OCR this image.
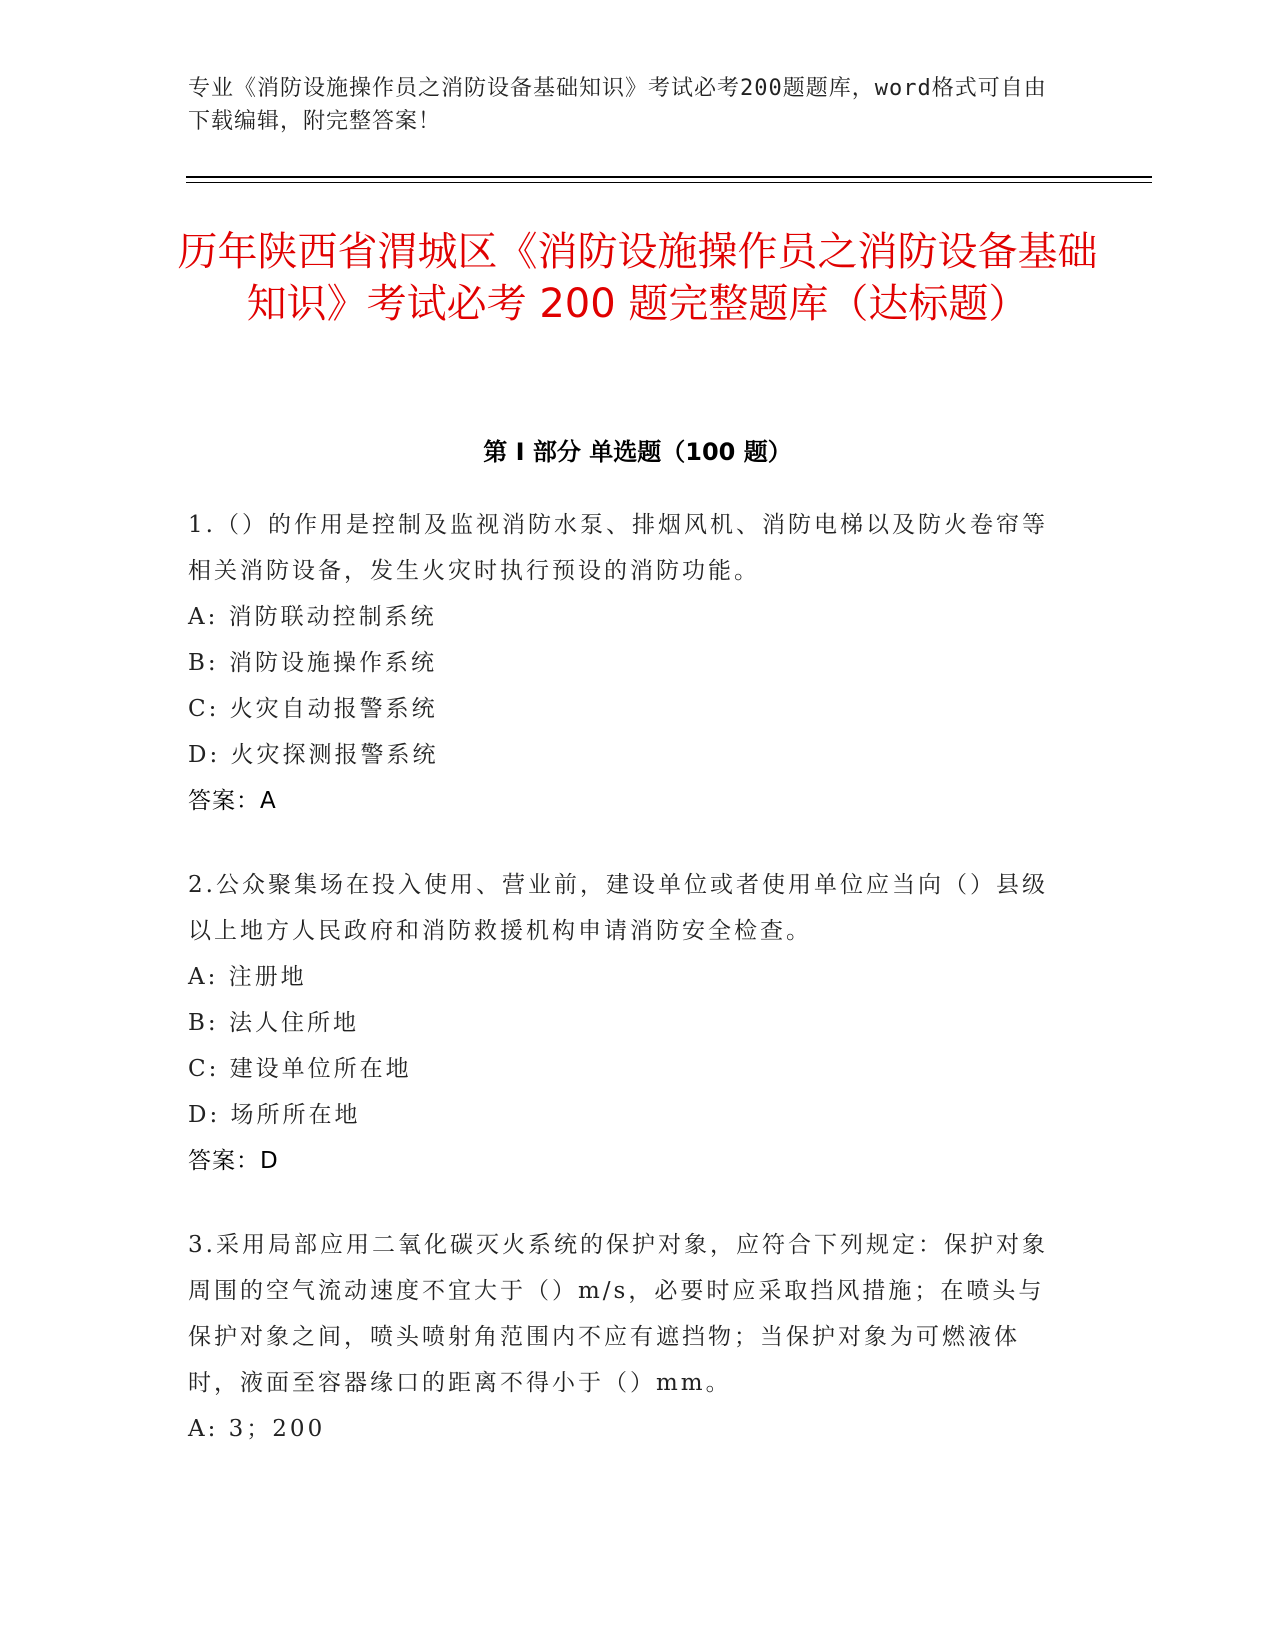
专业《消防设施操作员之消防设备基础知识》考试必考200题题库，word格式可自由下载编辑，附完整答案！
历年陕西省渭城区《消防设施操作员之消防设备基础知识》考试必考 200 题完整题库（达标题）
第 I 部分 单选题（100 题）

1.（）的作用是控制及监视消防水泵、排烟风机、消防电梯以及防火卷帘等相关消防设备，发生火灾时执行预设的消防功能。

A: 消防联动控制系统

B: 消防设施操作系统

C: 火灾自动报警系统

D: 火灾探测报警系统

答案：A

2.公众聚集场在投入使用、营业前，建设单位或者使用单位应当向（）县级以上地方人民政府和消防救援机构申请消防安全检查。

A: 注册地

B: 法人住所地

C: 建设单位所在地

D: 场所所在地

答案：D

3.采用局部应用二氧化碳灭火系统的保护对象，应符合下列规定：保护对象周围的空气流动速度不宜大于（）m/s，必要时应采取挡风措施；在喷头与保护对象之间，喷头喷射角范围内不应有遮挡物；当保护对象为可燃液体时，液面至容器缘口的距离不得小于（）mm。

A: 3；200
